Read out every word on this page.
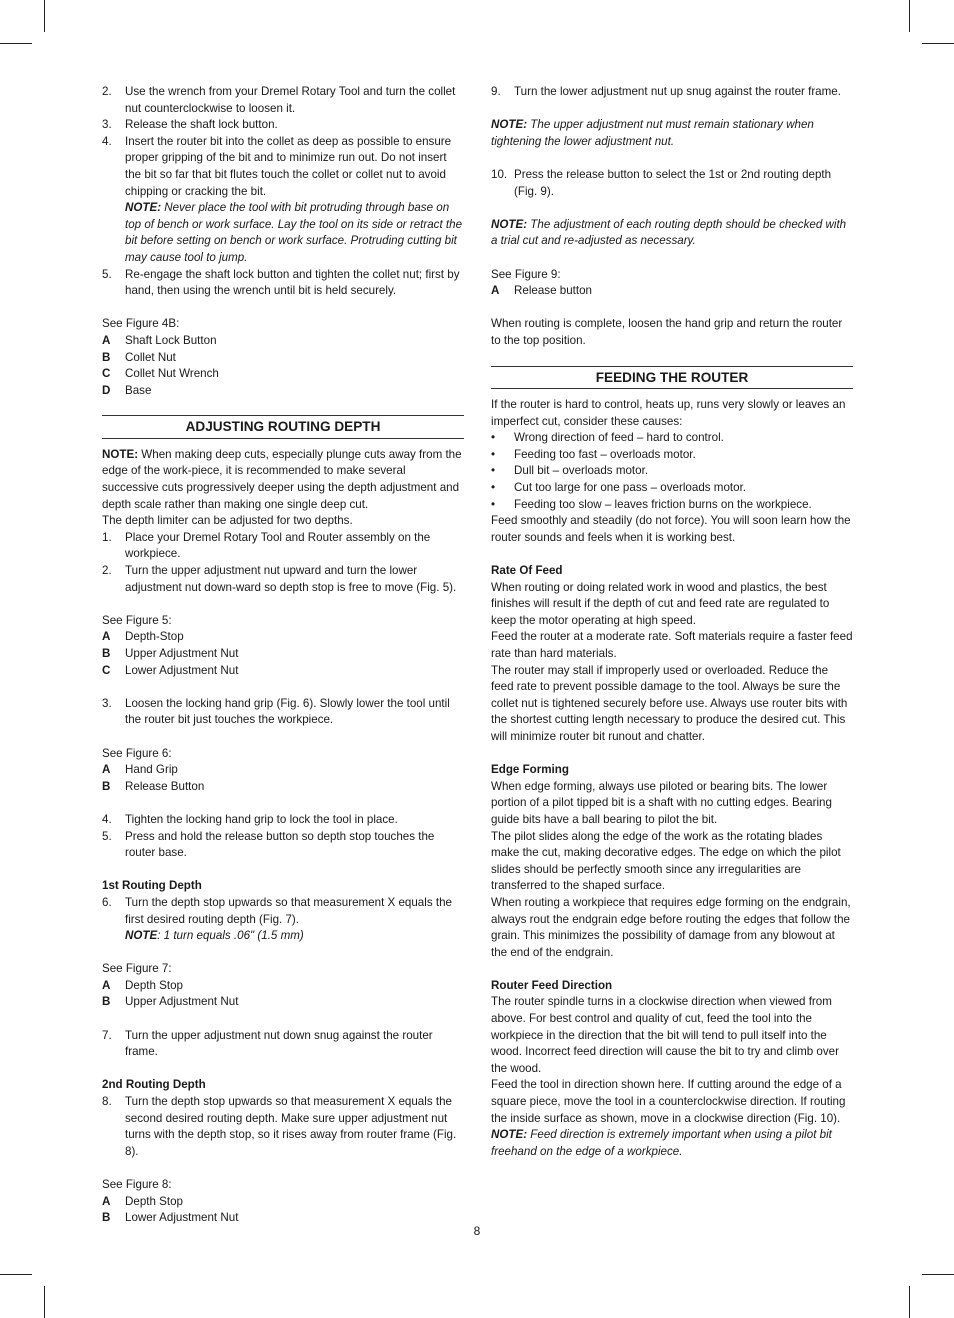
2.	Use the wrench from your Dremel Rotary Tool and turn the collet nut counterclockwise to loosen it.
3.	Release the shaft lock button.
4.	Insert the router bit into the collet as deep as possible to ensure proper gripping of the bit and to minimize run out. Do not insert the bit so far that bit flutes touch the collet or collet nut to avoid chipping or cracking the bit.
NOTE: Never place the tool with bit protruding through base on top of bench or work surface. Lay the tool on its side or retract the bit before setting on bench or work surface. Protruding cutting bit may cause tool to jump.
5.	Re-engage the shaft lock button and tighten the collet nut; first by hand, then using the wrench until bit is held securely.
See Figure 4B:
A	Shaft Lock Button
B	Collet Nut
C	Collet Nut Wrench
D	Base
ADJUSTING ROUTING DEPTH
NOTE: When making deep cuts, especially plunge cuts away from the edge of the work-piece, it is recommended to make several successive cuts progressively deeper using the depth adjustment and depth scale rather than making one single deep cut.
The depth limiter can be adjusted for two depths.
1.	Place your Dremel Rotary Tool and Router assembly on the workpiece.
2.	Turn the upper adjustment nut upward and turn the lower adjustment nut down-ward so depth stop is free to move (Fig. 5).
See Figure 5:
A	Depth-Stop
B	Upper Adjustment Nut
C	Lower Adjustment Nut
3.	Loosen the locking hand grip (Fig. 6). Slowly lower the tool until the router bit just touches the workpiece.
See Figure 6:
A	Hand Grip
B	Release Button
4.	Tighten the locking hand grip to lock the tool in place.
5.	Press and hold the release button so depth stop touches the router base.
1st Routing Depth
6.	Turn the depth stop upwards so that measurement X equals the first desired routing depth (Fig. 7).
NOTE: 1 turn equals .06" (1.5 mm)
See Figure 7:
A	Depth Stop
B	Upper Adjustment Nut
7.	Turn the upper adjustment nut down snug against the router frame.
2nd Routing Depth
8.	Turn the depth stop upwards so that measurement X equals the second desired routing depth. Make sure upper adjustment nut turns with the depth stop, so it rises away from router frame (Fig. 8).
See Figure 8:
A	Depth Stop
B	Lower Adjustment Nut
9.	Turn the lower adjustment nut up snug against the router frame.
NOTE: The upper adjustment nut must remain stationary when tightening the lower adjustment nut.
10. Press the release button to select the 1st or 2nd routing depth (Fig. 9).
NOTE: The adjustment of each routing depth should be checked with a trial cut and re-adjusted as necessary.
See Figure 9:
A	Release button
When routing is complete, loosen the hand grip and return the router to the top position.
FEEDING THE ROUTER
If the router is hard to control, heats up, runs very slowly or leaves an imperfect cut, consider these causes:
•	Wrong direction of feed – hard to control.
•	Feeding too fast – overloads motor.
•	Dull bit – overloads motor.
•	Cut too large for one pass – overloads motor.
•	Feeding too slow – leaves friction burns on the workpiece.
Feed smoothly and steadily (do not force). You will soon learn how the router sounds and feels when it is working best.
Rate Of Feed
When routing or doing related work in wood and plastics, the best finishes will result if the depth of cut and feed rate are regulated to keep the motor operating at high speed.
Feed the router at a moderate rate. Soft materials require a faster feed rate than hard materials.
The router may stall if improperly used or overloaded. Reduce the feed rate to prevent possible damage to the tool. Always be sure the collet nut is tightened securely before use. Always use router bits with the shortest cutting length necessary to produce the desired cut. This will minimize router bit runout and chatter.
Edge Forming
When edge forming, always use piloted or bearing bits. The lower portion of a pilot tipped bit is a shaft with no cutting edges. Bearing guide bits have a ball bearing to pilot the bit.
The pilot slides along the edge of the work as the rotating blades make the cut, making decorative edges. The edge on which the pilot slides should be perfectly smooth since any irregularities are transferred to the shaped surface.
When routing a workpiece that requires edge forming on the endgrain, always rout the endgrain edge before routing the edges that follow the grain. This minimizes the possibility of damage from any blowout at the end of the endgrain.
Router Feed Direction
The router spindle turns in a clockwise direction when viewed from above. For best control and quality of cut, feed the tool into the workpiece in the direction that the bit will tend to pull itself into the wood. Incorrect feed direction will cause the bit to try and climb over the wood.
Feed the tool in direction shown here. If cutting around the edge of a square piece, move the tool in a counterclockwise direction. If routing the inside surface as shown, move in a clockwise direction (Fig. 10).
NOTE: Feed direction is extremely important when using a pilot bit freehand on the edge of a workpiece.
8
